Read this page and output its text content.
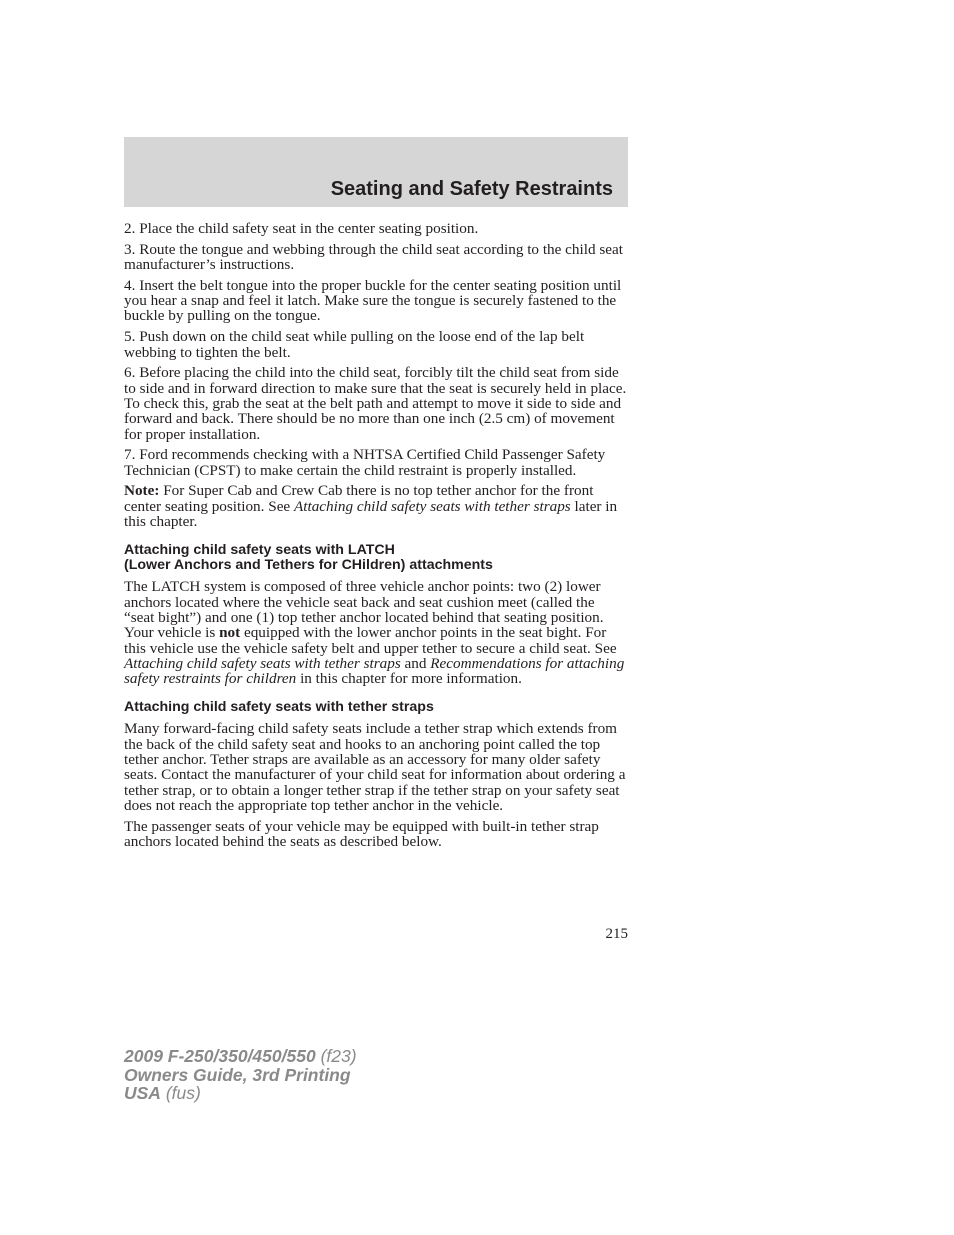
Seating and Safety Restraints

2. Place the child safety seat in the center seating position.

3. Route the tongue and webbing through the child seat according to the child seat manufacturer’s instructions.

4. Insert the belt tongue into the proper buckle for the center seating position until you hear a snap and feel it latch. Make sure the tongue is securely fastened to the buckle by pulling on the tongue.

5. Push down on the child seat while pulling on the loose end of the lap belt webbing to tighten the belt.

6. Before placing the child into the child seat, forcibly tilt the child seat from side to side and in forward direction to make sure that the seat is securely held in place. To check this, grab the seat at the belt path and attempt to move it side to side and forward and back. There should be no more than one inch (2.5 cm) of movement for proper installation.

7. Ford recommends checking with a NHTSA Certified Child Passenger Safety Technician (CPST) to make certain the child restraint is properly installed.

Note: For Super Cab and Crew Cab there is no top tether anchor for the front center seating position. See Attaching child safety seats with tether straps later in this chapter.

Attaching child safety seats with LATCH
(Lower Anchors and Tethers for CHildren) attachments

The LATCH system is composed of three vehicle anchor points: two (2) lower anchors located where the vehicle seat back and seat cushion meet (called the “seat bight”) and one (1) top tether anchor located behind that seating position. Your vehicle is not equipped with the lower anchor points in the seat bight. For this vehicle use the vehicle safety belt and upper tether to secure a child seat. See Attaching child safety seats with tether straps and Recommendations for attaching safety restraints for children in this chapter for more information.

Attaching child safety seats with tether straps

Many forward-facing child safety seats include a tether strap which extends from the back of the child safety seat and hooks to an anchoring point called the top tether anchor. Tether straps are available as an accessory for many older safety seats. Contact the manufacturer of your child seat for information about ordering a tether strap, or to obtain a longer tether strap if the tether strap on your safety seat does not reach the appropriate top tether anchor in the vehicle.

The passenger seats of your vehicle may be equipped with built-in tether strap anchors located behind the seats as described below.

215
2009 F-250/350/450/550 (f23)
Owners Guide, 3rd Printing
USA (fus)
